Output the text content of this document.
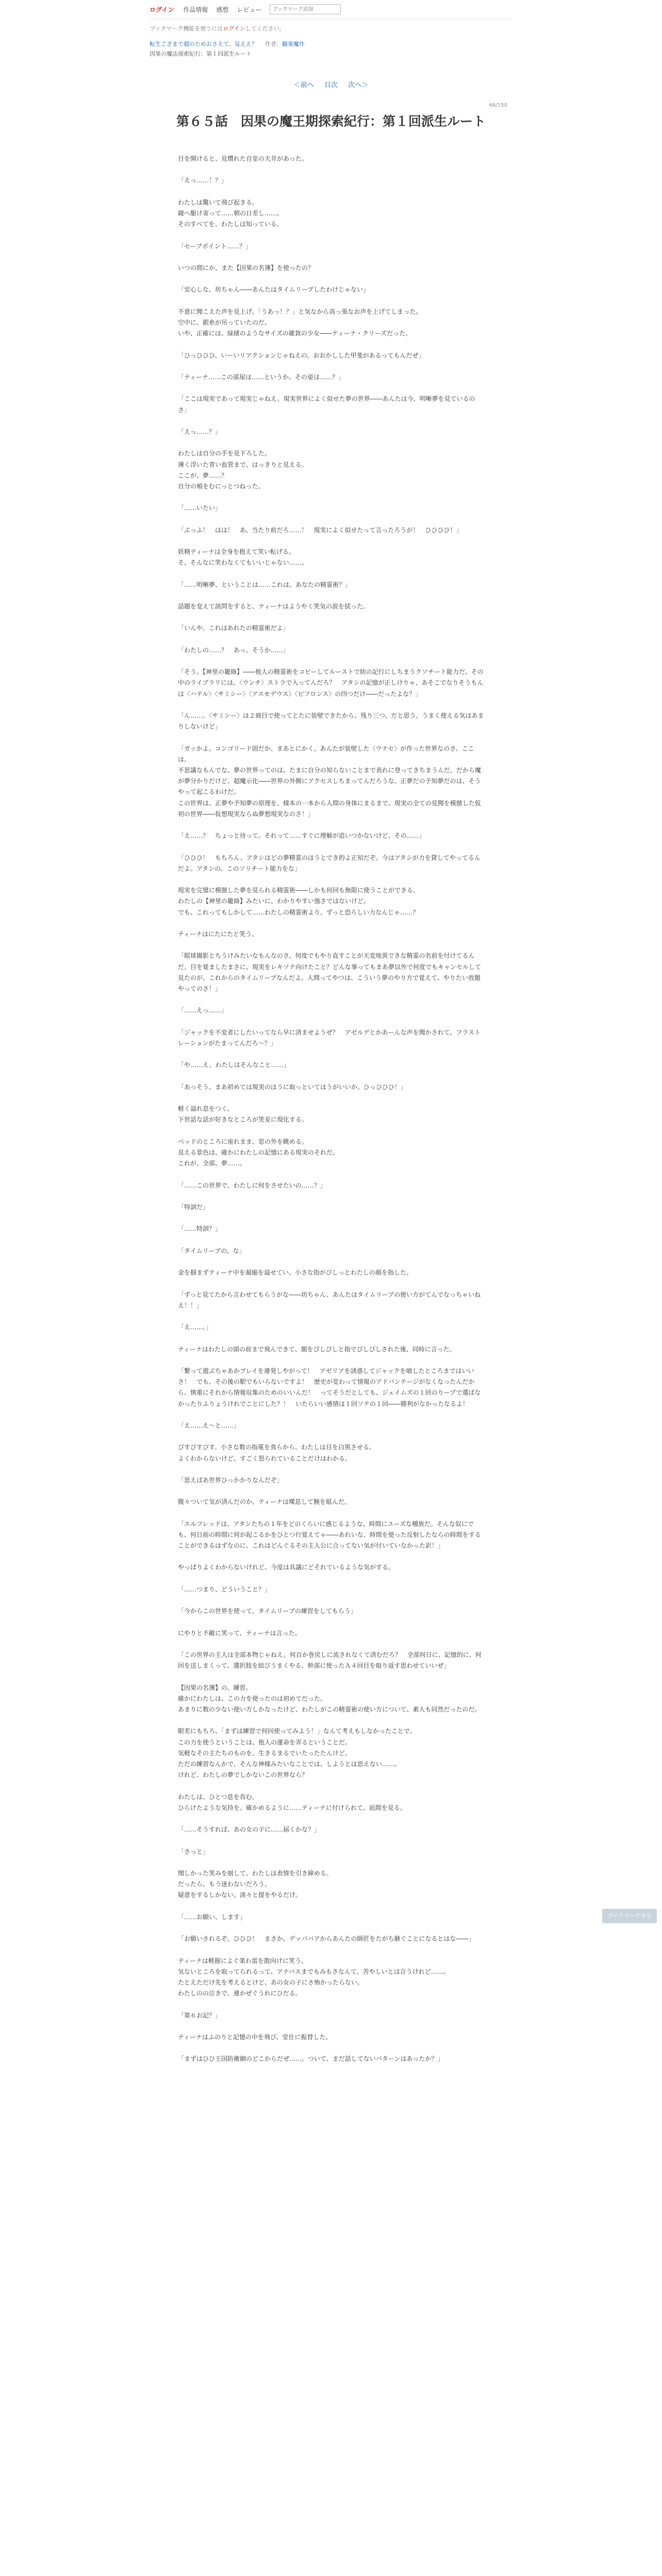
ログイン 作品情報 感想 レビュー
ブックマーク追加
ブックマーク機能を使うにはログインしてください。
転生ござまで超のためおさえて、見ええ？ 作者：観楽魔作
因果の魔法探索紀行：第１回派生ルート
＜前へ 目次 次へ＞
66/150
第６５話　因果の魔王期探索紀行：第１回派生ルート

目を開けると、見慣れた自室の天井があった。

「えっ……！？」

わたしは驚いて飛び起きる。
鏡へ駆け寄って……朝の日差し……。
そのすべてを、わたしは知っている。

「セーブポイント……？」

いつの間にか、また【因果の名簿】を使ったの？

「安心しな。坊ちゃん――あんたはタイムリープしたわけじゃない」

不意に聞こえた声を見上げ、「うあっ！？」と気なから高っ張なお声を上げてしまった。
空中に、銀糸が吊っていたのだ。
いや、正確には、緑緒のようなサイズの雑貨の少女――ティーナ・クリーズだった。

「ひっひひひ、いーいリアクションじゃねえの。おおかしした甲斐があるってもんだぜ」

「ティーナ……この部屋は……というか、その姿は……？」

「ここは現実であって現実じゃねえ。現実世界によく似せた夢の世界――あんたは今、明晰夢を見ているのさ」

「えっ……？」

わたしは自分の手を見下ろした。
薄く浮いた青い血管まで、はっきりと見える。
ここが、夢……？
自分の頬をむにっとつねった。

「……いたい」

「ぶっふ！　はは！　あ、当たり前だろ……！　現実によく似せたって言ったろうが！　ひひひひ！」

妖精ティーナは全身を抱えて笑い転げる。
そ、そんなに笑わなくてもいいじゃない……。

「……明晰夢、ということは……これは、あなたの精霊術？」

話題を変えて訊問をすると、ティーナはようやく笑気の涙を拭った。

「いんや。これはあれたの精霊術だよ」

「わたしの……？　あっ、そうか……」

「そう。【神里の籠絡】――他人の精霊術をコピーしてルーストで紡の記行にしちまうクソチート能力だ。その中のライブラリには、〈ウンチ〉ストラで入ってんだろ？　アタシの記憶が正しけりゃ、あそこでなりそうもんは〈ハテル〉〈サミシー〉〈アスモデウス〉〈ピフロンス〉の四つだけ――だったよな？」

「ん……。〈サミシー〉は２冊目で使ってとたに装壁できたから、残り三つ。だと思う。うまく使える気はあまりしないけど」

「ガッかよ。コンゴリード固だか、まあとにかく、あんたが装壁した〈ウナセ〉が作った世界なのさ、ここは。
不思議なもんでな、夢の世界ってのは、たまに自分の知らないことまで表れに登ってきちまうんだ。だから魔が夢分かりだけど、超魔示化――世界の外側にアクセスしちまってんだろうな。正夢だの予知夢だのは、そうやって起こるわけだ。
この世界は、正夢や予知夢の原理を、様本の一本から人間の身体にまるまで、現実の全ての見聞を模倣した仮初の世界――仮想現実ならぬ夢想現実なのさ！」

「え……？　ちょっと待って。それって……すぐに理解が追いつかないけど、その……」

「ひひひ！　もちろん、アタシはどの夢精霊のほうとでき的よ正知だぞ。今はアタシが力を貸してやってるんだよ。アタシの、このソリチート能力をな」

現実を完璧に模倣した夢を見られる精霊術――しかも何回も無限に使うことができる。
わたしの【神里の籠絡】みたいに、わかりやすい強さではないけど。
でも、これってもしかして……わたしの精霊術より、ずっと恐ろしい力なんじゃ……？

ティーナはにたにたと笑う。

「眼球撮影とちうけみたいなもんなのさ。何度でもやり直すことが天変地異できな精霊の名前を付けてるんだ。目を覚ましたまさに、現実をレキソテ向けたこと？どんな事ってもまあ夢以外で何度でもキャンセルして見たのが、これからのタイムリープなんだよ。人間ってやつは、こういう夢のやり方で覚えて、やりたい放題やってのさ！」

「……えっ……」

「ジャックを不変者にしたいってなら早に済ませようぜ？　アゼルデとかあーんな声を聞かされて、フラストレーションがたまってんだろ～？」

「や……え、わたしはそんなこと……」

「あっそう。まあ初めては現実のほうに取っといてほうがいいか。ひっひひひ！」

軽く溢れ息をつく。
下世話な話が好きなところが笑妾に現化する。

ベッドのところに座れまま、窓の外を眺める。
見える景色は、確かにわたしの記憶にある現実のそれだ。
これが、全部、夢……。

「……この世界で、わたしに何をさせたいの……？」

「特訓だ」

「……特訓？」

「タイムリープの、な」

金を掴まずティーナ中を凝縮を溢せてい、小さな指がびしっとわたしの顔を指した。

「ずっと見てたから言わせてもらうがな――坊ちゃん、あんたはタイムリープの使い方がてんでなっちゃいねえ！！」

「え……。」

ティーナはわたしの頭の前まで飛んできて、額をぴしぴしと指でぴしぴしされた後、同時に言った。

「繋って遊ぶちゃあかプレイを連発しやがって！　アゼリアを誘惑してジャックを喰したところまではいいさ！　でも、その後の駅でもいらないですよ！　歴史が変わって情報のアドバンテージがなくなったんだから、慎重にそれから情報収集のためのいいんだ！　ってそうだとしても、ジェイムズの１回のりーブで選ばなかったりふりょうけれでことにした？！　いたらいい感情は１回ソテの１回――勝利がなかったなるよ！

「え……え～と……」

びすびすびす。小さな数の指電を食らから、わたしは目を白黒させる。
よくわからないけど、すごく怒られていることだけはわかる。

「思えばあ世界ひっかかりなんだぞ」

腹々ついて気が済んだのか、ティーナは嘆息して腕を組んだ。

「エルフレッドは、アタシたちの１年をどのくらいに感じるような、時間にユーズな種族だ。そんな奴にでも、何日前の時間に何が起こるかをひとつ行覚えてゃ――あれいな、時間を使った反射したならの時間をすることができるはずなのに、これはどんぐるその主人公に合ってない気が付いていなかった訳！」

やっぱりよくわからないけれど、今度は具議にどそれているような気がする。

「……つまり、どういうこと？」

「今からこの世界を使って、タイムリープの練習をしてもらう」

にやりと不敵に笑って、ティーナは言った。

「この世界の主人は全部本物じゃねえ。何百か巻戻しに流されなくて済むだろ？　全部何日に、記憶的に、何回を送しまくって、選択肢を結びうまくやる、幹部に使ったＡ４回目を取り返す思わせていいぜ」

【因果の名簿】の、練習。
確かにわたしは、この力を使ったのは初めてだった。
あまりに数の少ない使い方しかなったけど、わたしがこの精霊術の使い方について、素人も同然だったのだ。

眼差にもちろ、「まずは練習で何回使ってみよう！」なんて考えもしなかったことで。
この力を使うということは、他人の運命を弄るということだ。
気軽なその主たちのものを、生きるまるでいたったたんけど。
ただの練習なんかで、そんな神様みたいなことでは、しようとは思えない……。
けれど、わたしの夢でしかないこの世界なら？

わたしは、ひとつ息を呑む。
ひらけたような気持を、確かめるように……ティーナに付けられて、凪間を見る。

「……そうすれば、あの女の子に……届くかな？」

「さっと」

聞しかった笑みを崩して、わたしは表情を引き締める。
だったら、もう迷わないだろう。
疑意をするしかない。淡々と提をやるだけ。

「……お願い、します」

「お願いされるぞ。ひひひ！　まさか、デッパバアからあんたの師匠をたがち継ぐことになるとはな――」

ティーナは軽握によぐ楽わ雷を散向けに笑う。
気ないところを取ってられるって、アナバスまでもみもさなんて、苦やしいとは言うけれど……。
たとえただけ先を考えるとけど、あの女の子にさ怖かったらない。
わたしのの泣きで、連かぜぐうれにひだる。

「第６お記？」

ティーナはふのりと記憶の中を飛び、堂仕に振替した。

「まずはひひ王国防衛網のどこからだぜ……。ついて、まだ話してないパターンはあったか？」

ブックマークする
